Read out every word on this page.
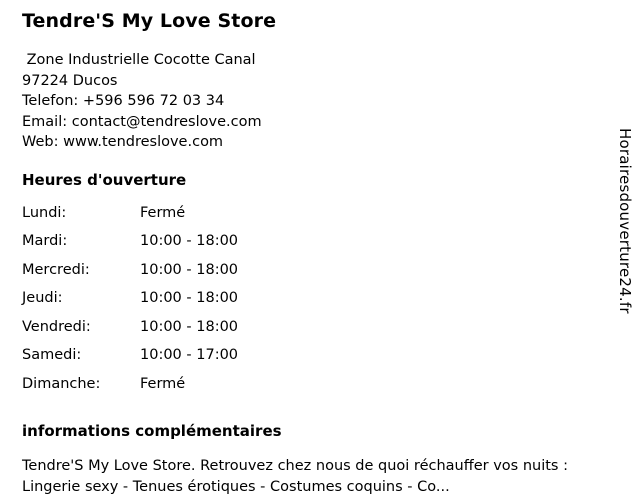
Tendre'S My Love Store
Zone Industrielle Cocotte Canal
97224 Ducos
Telefon: +596 596 72 03 34
Email: contact@tendreslove.com
Web: www.tendreslove.com
Heures d'ouverture
Lundi:	Fermé
Mardi:	10:00 - 18:00
Mercredi:	10:00 - 18:00
Jeudi:	10:00 - 18:00
Vendredi:	10:00 - 18:00
Samedi:	10:00 - 17:00
Dimanche:	Fermé
informations complémentaires
Tendre'S My Love Store. Retrouvez chez nous de quoi réchauffer vos nuits : Lingerie sexy - Tenues érotiques - Costumes coquins - Co...
Horairesdouverture24.fr
